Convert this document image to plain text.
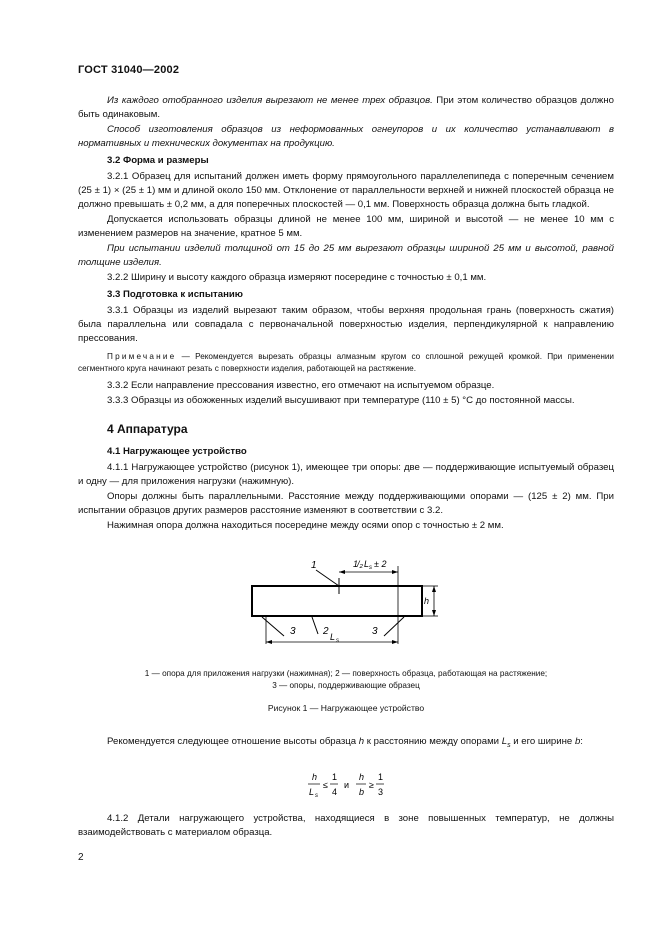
ГОСТ 31040—2002

Из каждого отобранного изделия вырезают не менее трех образцов. При этом количество образцов должно быть одинаковым.

Способ изготовления образцов из неформованных огнеупоров и их количество устанавливают в нормативных и технических документах на продукцию.

3.2 Форма и размеры

3.2.1 Образец для испытаний должен иметь форму прямоугольного параллелепипеда с поперечным сечением (25 ± 1) × (25 ± 1) мм и длиной около 150 мм. Отклонение от параллельности верхней и нижней плоскостей образца не должно превышать ± 0,2 мм, а для поперечных плоскостей — 0,1 мм. Поверхность образца должна быть гладкой.

Допускается использовать образцы длиной не менее 100 мм, шириной и высотой — не менее 10 мм с изменением размеров на значение, кратное 5 мм.

При испытании изделий толщиной от 15 до 25 мм вырезают образцы шириной 25 мм и высотой, равной толщине изделия.

3.2.2 Ширину и высоту каждого образца измеряют посередине с точностью ± 0,1 мм.

3.3 Подготовка к испытанию

3.3.1 Образцы из изделий вырезают таким образом, чтобы верхняя продольная грань (поверхность сжатия) была параллельна или совпадала с первоначальной поверхностью изделия, перпендикулярной к направлению прессования.

Примечание — Рекомендуется вырезать образцы алмазным кругом со сплошной режущей кромкой. При применении сегментного круга начинают резать с поверхности изделия, работающей на растяжение.

3.3.2 Если направление прессования известно, его отмечают на испытуемом образце.

3.3.3 Образцы из обожженных изделий высушивают при температуре (110 ± 5) °С до постоянной массы.

4 Аппаратура
4.1 Нагружающее устройство

4.1.1 Нагружающее устройство (рисунок 1), имеющее три опоры: две — поддерживающие испытуемый образец и одну — для приложения нагрузки (нажимную).

Опоры должны быть параллельными. Расстояние между поддерживающими опорами — (125 ± 2) мм. При испытании образцов других размеров расстояние изменяют в соответствии с 3.2.

Нажимная опора должна находиться посередине между осями опор с точностью ± 2 мм.

1
2
3	3
1
/₂ L s ± 2
L s
h
1 — опора для приложения нагрузки (нажимная); 2 — поверхность образца, работающая на растяжение;
3 — опоры, поддерживающие образец
Рисунок 1 — Нагружающее устройство

Рекомендуется следующее отношение высоты образца h к расстоянию между опорами $L_s$ и его ширине b:

h
L s
≤
1
4
и
h
b
≥
1
3

4.1.2 Детали нагружающего устройства, находящиеся в зоне повышенных температур, не должны взаимодействовать с материалом образца.

2
